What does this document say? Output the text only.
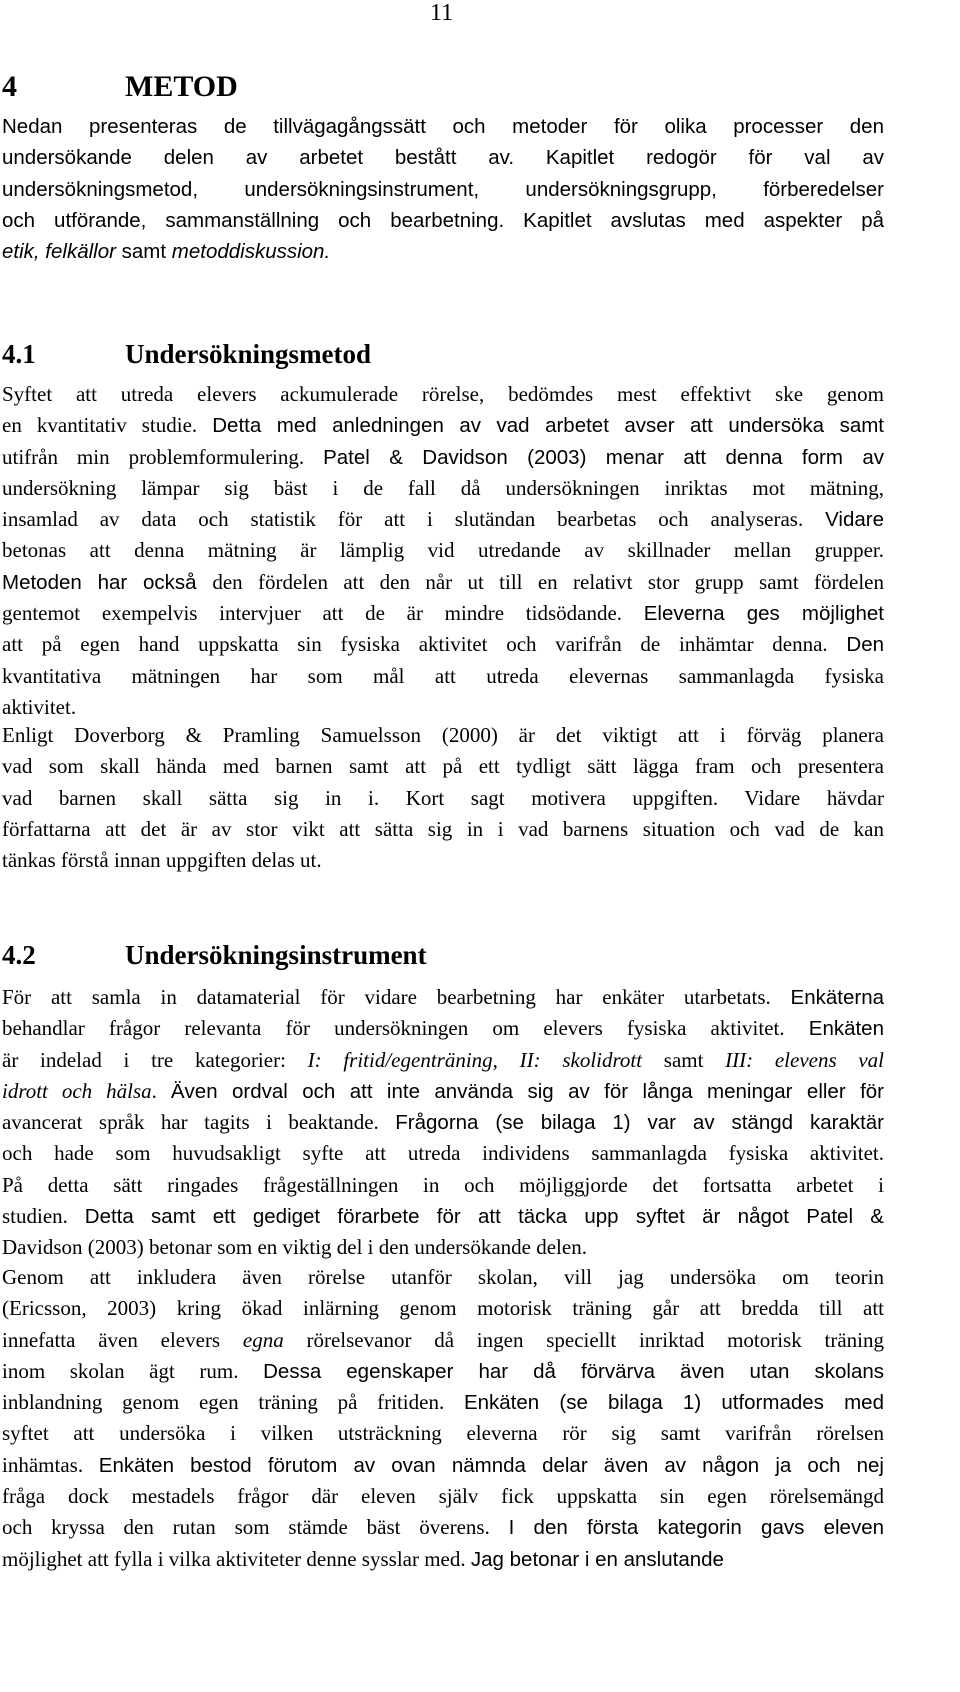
11
4	METOD
Nedan presenteras de tillvägagångssätt och metoder för olika processer den
undersökande delen av arbetet bestått av. Kapitlet redogör för val av
undersökningsmetod, undersökningsinstrument, undersökningsgrupp, förberedelser
och utförande, sammanställning och bearbetning. Kapitlet avslutas med aspekter på
etik, felkällor samt metoddiskussion.
4.1	Undersökningsmetod
Syftet att utreda elevers ackumulerade rörelse, bedömdes mest effektivt ske genom
en kvantitativ studie. Detta med anledningen av vad arbetet avser att undersöka samt
utifrån min problemformulering. Patel & Davidson (2003) menar att denna form av
undersökning lämpar sig bäst i de fall då undersökningen inriktas mot mätning,
insamlad av data och statistik för att i slutändan bearbetas och analyseras. Vidare
betonas att denna mätning är lämplig vid utredande av skillnader mellan grupper.
Metoden har också den fördelen att den når ut till en relativt stor grupp samt fördelen
gentemot exempelvis intervjuer att de är mindre tidsödande. Eleverna ges möjlighet
att på egen hand uppskatta sin fysiska aktivitet och varifrån de inhämtar denna. Den
kvantitativa mätningen har som mål att utreda elevernas sammanlagda fysiska
aktivitet.
Enligt Doverborg & Pramling Samuelsson (2000) är det viktigt att i förväg planera
vad som skall hända med barnen samt att på ett tydligt sätt lägga fram och presentera
vad barnen skall sätta sig in i. Kort sagt motivera uppgiften. Vidare hävdar
författarna att det är av stor vikt att sätta sig in i vad barnens situation och vad de kan
tänkas förstå innan uppgiften delas ut.
4.2	Undersökningsinstrument
För att samla in datamaterial för vidare bearbetning har enkäter utarbetats. Enkäterna
behandlar frågor relevanta för undersökningen om elevers fysiska aktivitet. Enkäten
är indelad i tre kategorier: I: fritid/egenträning, II: skolidrott samt III: elevens val
idrott och hälsa. Även ordval och att inte använda sig av för långa meningar eller för
avancerat språk har tagits i beaktande. Frågorna (se bilaga 1) var av stängd karaktär
och hade som huvudsakligt syfte att utreda individens sammanlagda fysiska aktivitet.
På detta sätt ringades frågeställningen in och möjliggjorde det fortsatta arbetet i
studien. Detta samt ett gediget förarbete för att täcka upp syftet är något Patel &
Davidson (2003) betonar som en viktig del i den undersökande delen.
Genom att inkludera även rörelse utanför skolan, vill jag undersöka om teorin
(Ericsson, 2003) kring ökad inlärning genom motorisk träning går att bredda till att
innefatta även elevers egna rörelsevanor då ingen speciellt inriktad motorisk träning
inom skolan ägt rum. Dessa egenskaper har då förvärva även utan skolans
inblandning genom egen träning på fritiden. Enkäten (se bilaga 1) utformades med
syftet att undersöka i vilken utsträckning eleverna rör sig samt varifrån rörelsen
inhämtas. Enkäten bestod förutom av ovan nämnda delar även av någon ja och nej
fråga dock mestadels frågor där eleven själv fick uppskatta sin egen rörelsemängd
och kryssa den rutan som stämde bäst överens. I den första kategorin gavs eleven
möjlighet att fylla i vilka aktiviteter denne sysslar med. Jag betonar i en anslutande
